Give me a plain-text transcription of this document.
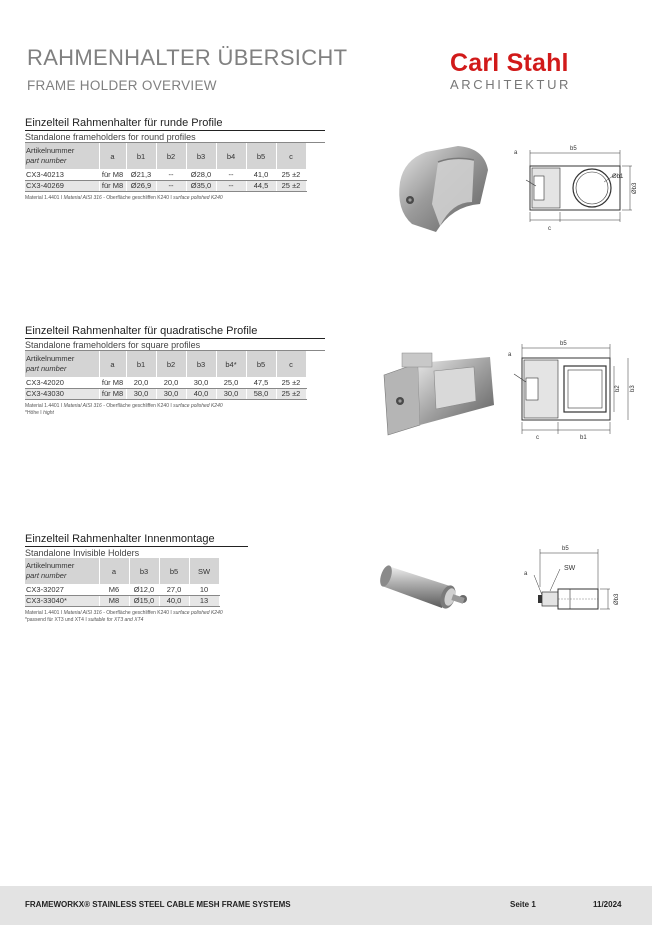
RAHMENHALTER ÜBERSICHT
FRAME HOLDER OVERVIEW
Carl Stahl
ARCHITEKTUR
Einzelteil Rahmenhalter für runde Profile
Standalone frameholders for round profiles
Artikelnummer
part number	a	b1	b2	b3	b4	b5	c
CX3-40213	für M8	Ø21,3	--	Ø28,0	--	41,0	25 ±2
CX3-40269	für M8	Ø26,9	--	Ø35,0	--	44,5	25 ±2
Material 1.4401 I Material AISI 316 - Oberfläche geschliffen K240 I surface polished K240
Einzelteil Rahmenhalter für quadratische Profile
Standalone frameholders for square profiles
Artikelnummer
part number	a	b1	b2	b3	b4*	b5	c
CX3-42020	für M8	20,0	20,0	30,0	25,0	47,5	25 ±2
CX3-43030	für M8	30,0	30,0	40,0	30,0	58,0	25 ±2
Material 1.4401 I Material AISI 316 - Oberfläche geschliffen K240 I surface polished K240
*Höhe I hight
Einzelteil Rahmenhalter Innenmontage
Standalone Invisible Holders
Artikelnummer
part number	a	b3	b5	SW
CX3-32027	M6	Ø12,0	27,0	10
CX3-33040*	M8	Ø15,0	40,0	13
Material 1.4401 I Material AISI 316 - Oberfläche geschliffen K240 I surface polished K240
*passend für XT3 und XT4 I suitable for XT3 and XT4
a
b5
Øb1
Øb3
c
a
b5
b2 b3
c	b1
a
b5
SW
Øb3
FRAMEWORKX® STAINLESS STEEL CABLE MESH FRAME SYSTEMS	Seite 1	11/2024
